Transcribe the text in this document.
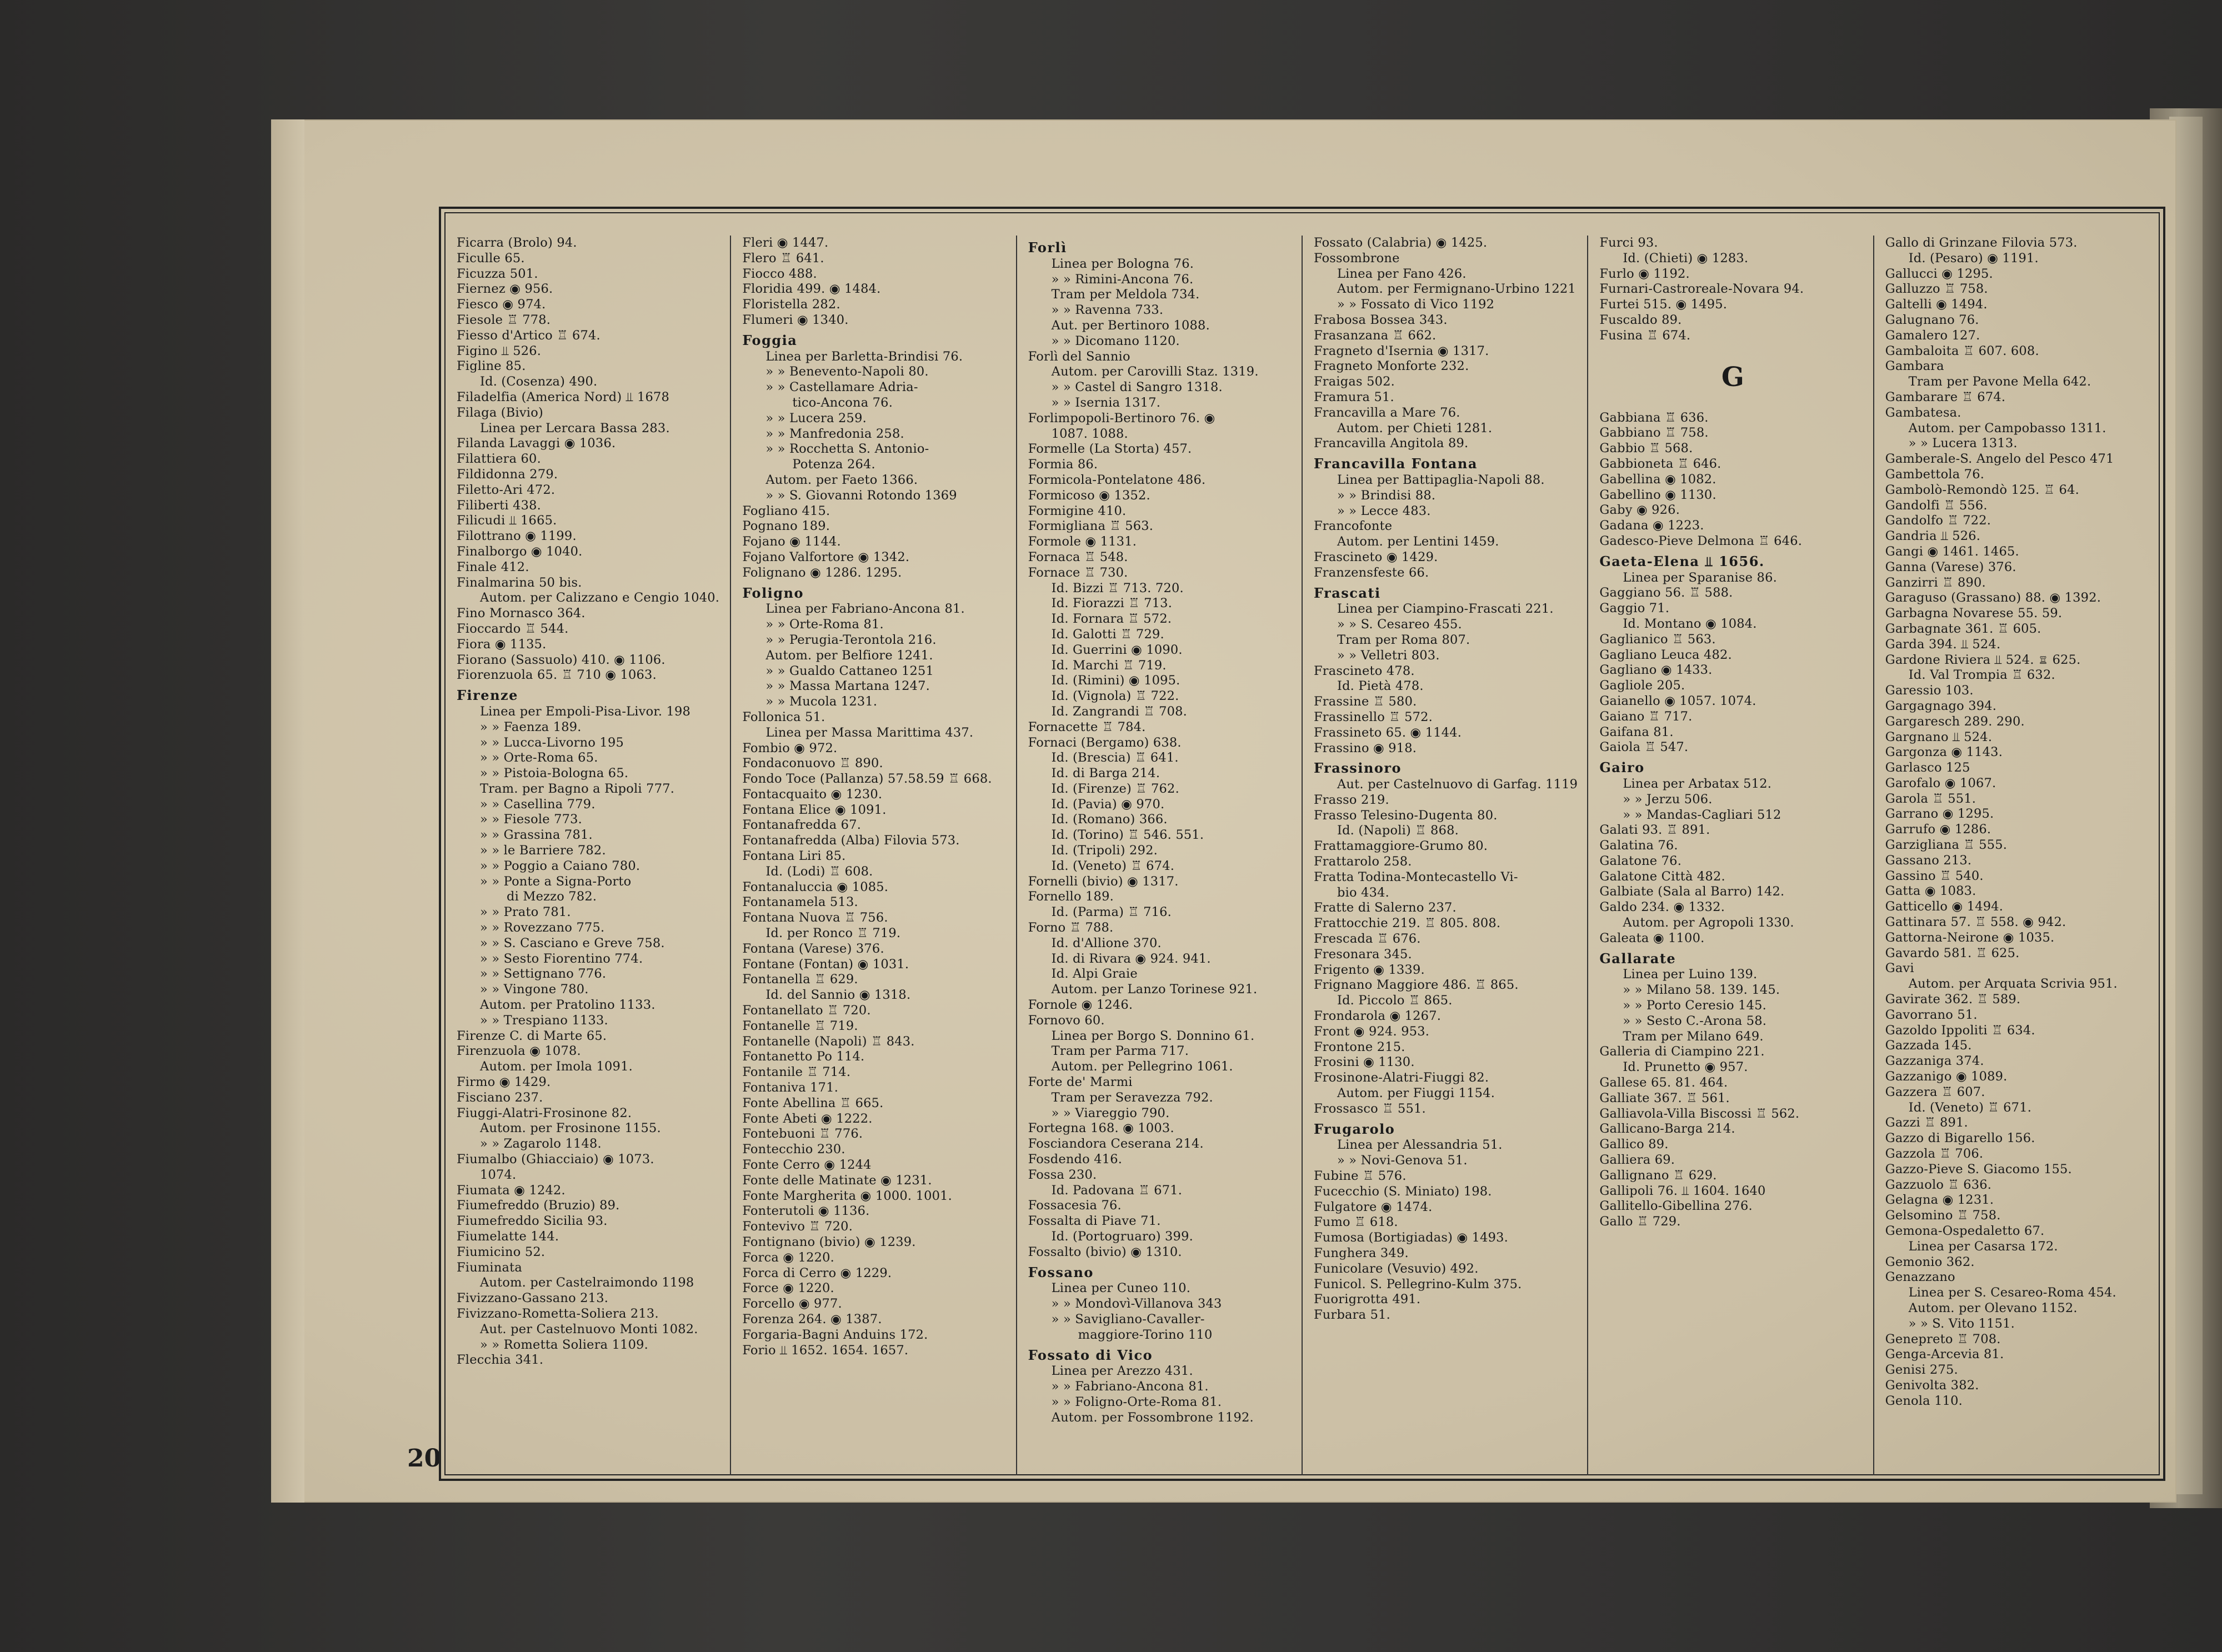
20
Ficarra (Brolo) 94.
Ficulle 65.
Ficuzza 501.
Fiernez ◉ 956.
Fiesco ◉ 974.
Fiesole ♖ 778.
Fiesso d'Artico ♖ 674.
Figino ⫫ 526.
Figline 85.
Id. (Cosenza) 490.
Filadelfia (America Nord) ⫫ 1678
Filaga (Bivio)
Linea per Lercara Bassa 283.
Filanda Lavaggi ◉ 1036.
Filattiera 60.
Fildidonna 279.
Filetto-Ari 472.
Filiberti 438.
Filicudi ⫫ 1665.
Filottrano ◉ 1199.
Finalborgo ◉ 1040.
Finale 412.
Finalmarina 50 bis.
Autom. per Calizzano e Cengio 1040.
Fino Mornasco 364.
Fioccardo ♖ 544.
Fiora ◉ 1135.
Fiorano (Sassuolo) 410. ◉ 1106.
Fiorenzuola 65. ♖ 710 ◉ 1063.
Firenze
Linea per Empoli-Pisa-Livor. 198
» » Faenza 189.
» » Lucca-Livorno 195
» » Orte-Roma 65.
» » Pistoia-Bologna 65.
Tram. per Bagno a Ripoli 777.
» » Casellina 779.
» » Fiesole 773.
» » Grassina 781.
» » le Barriere 782.
» » Poggio a Caiano 780.
» » Ponte a Signa-Porto
di Mezzo 782.
» » Prato 781.
» » Rovezzano 775.
» » S. Casciano e Greve 758.
» » Sesto Fiorentino 774.
» » Settignano 776.
» » Vingone 780.
Autom. per Pratolino 1133.
» » Trespiano 1133.
Firenze C. di Marte 65.
Firenzuola ◉ 1078.
Autom. per Imola 1091.
Firmo ◉ 1429.
Fisciano 237.
Fiuggi-Alatri-Frosinone 82.
Autom. per Frosinone 1155.
» » Zagarolo 1148.
Fiumalbo (Ghiacciaio) ◉ 1073.
1074.
Fiumata ◉ 1242.
Fiumefreddo (Bruzio) 89.
Fiumefreddo Sicilia 93.
Fiumelatte 144.
Fiumicino 52.
Fiuminata
Autom. per Castelraimondo 1198
Fivizzano-Gassano 213.
Fivizzano-Rometta-Soliera 213.
Aut. per Castelnuovo Monti 1082.
» » Rometta Soliera 1109.
Flecchia 341.
Fleri ◉ 1447.
Flero ♖ 641.
Fiocco 488.
Floridia 499. ◉ 1484.
Floristella 282.
Flumeri ◉ 1340.
Foggia
Linea per Barletta-Brindisi 76.
» » Benevento-Napoli 80.
» » Castellamare Adria-
tico-Ancona 76.
» » Lucera 259.
» » Manfredonia 258.
» » Rocchetta S. Antonio-
Potenza 264.
Autom. per Faeto 1366.
» » S. Giovanni Rotondo 1369
Fogliano 415.
Pognano 189.
Fojano ◉ 1144.
Fojano Valfortore ◉ 1342.
Folignano ◉ 1286. 1295.
Foligno
Linea per Fabriano-Ancona 81.
» » Orte-Roma 81.
» » Perugia-Terontola 216.
Autom. per Belfiore 1241.
» » Gualdo Cattaneo 1251
» » Massa Martana 1247.
» » Mucola 1231.
Follonica 51.
Linea per Massa Marittima 437.
Fombio ◉ 972.
Fondaconuovo ♖ 890.
Fondo Toce (Pallanza) 57.58.59 ♖ 668.
Fontacquaito ◉ 1230.
Fontana Elice ◉ 1091.
Fontanafredda 67.
Fontanafredda (Alba) Filovia 573.
Fontana Liri 85.
Id. (Lodi) ♖ 608.
Fontanaluccia ◉ 1085.
Fontanamela 513.
Fontana Nuova ♖ 756.
Id. per Ronco ♖ 719.
Fontana (Varese) 376.
Fontane (Fontan) ◉ 1031.
Fontanella ♖ 629.
Id. del Sannio ◉ 1318.
Fontanellato ♖ 720.
Fontanelle ♖ 719.
Fontanelle (Napoli) ♖ 843.
Fontanetto Po 114.
Fontanile ♖ 714.
Fontaniva 171.
Fonte Abellina ♖ 665.
Fonte Abeti ◉ 1222.
Fontebuoni ♖ 776.
Fontecchio 230.
Fonte Cerro ◉ 1244
Fonte delle Matinate ◉ 1231.
Fonte Margherita ◉ 1000. 1001.
Fonterutoli ◉ 1136.
Fontevivo ♖ 720.
Fontignano (bivio) ◉ 1239.
Forca ◉ 1220.
Forca di Cerro ◉ 1229.
Force ◉ 1220.
Forcello ◉ 977.
Forenza 264. ◉ 1387.
Forgaria-Bagni Anduins 172.
Forio ⫫ 1652. 1654. 1657.
Forlì
Linea per Bologna 76.
» » Rimini-Ancona 76.
Tram per Meldola 734.
» » Ravenna 733.
Aut. per Bertinoro 1088.
» » Dicomano 1120.
Forlì del Sannio
Autom. per Carovilli Staz. 1319.
» » Castel di Sangro 1318.
» » Isernia 1317.
Forlimpopoli-Bertinoro 76. ◉
1087. 1088.
Formelle (La Storta) 457.
Formia 86.
Formicola-Pontelatone 486.
Formicoso ◉ 1352.
Formigine 410.
Formigliana ♖ 563.
Formole ◉ 1131.
Fornaca ♖ 548.
Fornace ♖ 730.
Id. Bizzi ♖ 713. 720.
Id. Fiorazzi ♖ 713.
Id. Fornara ♖ 572.
Id. Galotti ♖ 729.
Id. Guerrini ◉ 1090.
Id. Marchi ♖ 719.
Id. (Rimini) ◉ 1095.
Id. (Vignola) ♖ 722.
Id. Zangrandi ♖ 708.
Fornacette ♖ 784.
Fornaci (Bergamo) 638.
Id. (Brescia) ♖ 641.
Id. di Barga 214.
Id. (Firenze) ♖ 762.
Id. (Pavia) ◉ 970.
Id. (Romano) 366.
Id. (Torino) ♖ 546. 551.
Id. (Tripoli) 292.
Id. (Veneto) ♖ 674.
Fornelli (bivio) ◉ 1317.
Fornello 189.
Id. (Parma) ♖ 716.
Forno ♖ 788.
Id. d'Allione 370.
Id. di Rivara ◉ 924. 941.
Id. Alpi Graie
Autom. per Lanzo Torinese 921.
Fornole ◉ 1246.
Fornovo 60.
Linea per Borgo S. Donnino 61.
Tram per Parma 717.
Autom. per Pellegrino 1061.
Forte de' Marmi
Tram per Seravezza 792.
» » Viareggio 790.
Fortegna 168. ◉ 1003.
Fosciandora Ceserana 214.
Fosdendo 416.
Fossa 230.
Id. Padovana ♖ 671.
Fossacesia 76.
Fossalta di Piave 71.
Id. (Portogruaro) 399.
Fossalto (bivio) ◉ 1310.
Fossano
Linea per Cuneo 110.
» » Mondovì-Villanova 343
» » Savigliano-Cavaller-
maggiore-Torino 110
Fossato di Vico
Linea per Arezzo 431.
» » Fabriano-Ancona 81.
» » Foligno-Orte-Roma 81.
Autom. per Fossombrone 1192.
Fossato (Calabria) ◉ 1425.
Fossombrone
Linea per Fano 426.
Autom. per Fermignano-Urbino 1221
» » Fossato di Vico 1192
Frabosa Bossea 343.
Frasanzana ♖ 662.
Fragneto d'Isernia ◉ 1317.
Fragneto Monforte 232.
Fraigas 502.
Framura 51.
Francavilla a Mare 76.
Autom. per Chieti 1281.
Francavilla Angitola 89.
Francavilla Fontana
Linea per Battipaglia-Napoli 88.
» » Brindisi 88.
» » Lecce 483.
Francofonte
Autom. per Lentini 1459.
Frascineto ◉ 1429.
Franzensfeste 66.
Frascati
Linea per Ciampino-Frascati 221.
» » S. Cesareo 455.
Tram per Roma 807.
» » Velletri 803.
Frascineto 478.
Id. Pietà 478.
Frassine ♖ 580.
Frassinello ♖ 572.
Frassineto 65. ◉ 1144.
Frassino ◉ 918.
Frassinoro
Aut. per Castelnuovo di Garfag. 1119
Frasso 219.
Frasso Telesino-Dugenta 80.
Id. (Napoli) ♖ 868.
Frattamaggiore-Grumo 80.
Frattarolo 258.
Fratta Todina-Montecastello Vi-
bio 434.
Fratte di Salerno 237.
Frattocchie 219. ♖ 805. 808.
Frescada ♖ 676.
Fresonara 345.
Frigento ◉ 1339.
Frignano Maggiore 486. ♖ 865.
Id. Piccolo ♖ 865.
Frondarola ◉ 1267.
Front ◉ 924. 953.
Frontone 215.
Frosini ◉ 1130.
Frosinone-Alatri-Fiuggi 82.
Autom. per Fiuggi 1154.
Frossasco ♖ 551.
Frugarolo
Linea per Alessandria 51.
» » Novi-Genova 51.
Fubine ♖ 576.
Fucecchio (S. Miniato) 198.
Fulgatore ◉ 1474.
Fumo ♖ 618.
Fumosa (Bortigiadas) ◉ 1493.
Funghera 349.
Funicolare (Vesuvio) 492.
Funicol. S. Pellegrino-Kulm 375.
Fuorigrotta 491.
Furbara 51.
Furci 93.
Id. (Chieti) ◉ 1283.
Furlo ◉ 1192.
Furnari-Castroreale-Novara 94.
Furtei 515. ◉ 1495.
Fuscaldo 89.
Fusina ♖ 674.
G
Gabbiana ♖ 636.
Gabbiano ♖ 758.
Gabbio ♖ 568.
Gabbioneta ♖ 646.
Gabellina ◉ 1082.
Gabellino ◉ 1130.
Gaby ◉ 926.
Gadana ◉ 1223.
Gadesco-Pieve Delmona ♖ 646.
Gaeta-Elena ⫫ 1656.
Linea per Sparanise 86.
Gaggiano 56. ♖ 588.
Gaggio 71.
Id. Montano ◉ 1084.
Gaglianico ♖ 563.
Gagliano Leuca 482.
Gagliano ◉ 1433.
Gagliole 205.
Gaianello ◉ 1057. 1074.
Gaiano ♖ 717.
Gaifana 81.
Gaiola ♖ 547.
Gairo
Linea per Arbatax 512.
» » Jerzu 506.
» » Mandas-Cagliari 512
Galati 93. ♖ 891.
Galatina 76.
Galatone 76.
Galatone Città 482.
Galbiate (Sala al Barro) 142.
Galdo 234. ◉ 1332.
Autom. per Agropoli 1330.
Galeata ◉ 1100.
Gallarate
Linea per Luino 139.
» » Milano 58. 139. 145.
» » Porto Ceresio 145.
» » Sesto C.-Arona 58.
Tram per Milano 649.
Galleria di Ciampino 221.
Id. Prunetto ◉ 957.
Gallese 65. 81. 464.
Galliate 367. ♖ 561.
Galliavola-Villa Biscossi ♖ 562.
Gallicano-Barga 214.
Gallico 89.
Galliera 69.
Gallignano ♖ 629.
Gallipoli 76. ⫫ 1604. 1640
Gallitello-Gibellina 276.
Gallo ♖ 729.
Gallo di Grinzane Filovia 573.
Id. (Pesaro) ◉ 1191.
Gallucci ◉ 1295.
Galluzzo ♖ 758.
Galtelli ◉ 1494.
Galugnano 76.
Gamalero 127.
Gambaloita ♖ 607. 608.
Gambara
Tram per Pavone Mella 642.
Gambarare ♖ 674.
Gambatesa.
Autom. per Campobasso 1311.
» » Lucera 1313.
Gamberale-S. Angelo del Pesco 471
Gambettola 76.
Gambolò-Remondò 125. ♖ 64.
Gandolfi ♖ 556.
Gandolfo ♖ 722.
Gandria ⫫ 526.
Gangi ◉ 1461. 1465.
Ganna (Varese) 376.
Ganzirri ♖ 890.
Garaguso (Grassano) 88. ◉ 1392.
Garbagna Novarese 55. 59.
Garbagnate 361. ♖ 605.
Garda 394. ⫫ 524.
Gardone Riviera ⫫ 524. ♖ 625.
Id. Val Trompia ♖ 632.
Garessio 103.
Gargagnago 394.
Gargaresch 289. 290.
Gargnano ⫫ 524.
Gargonza ◉ 1143.
Garlasco 125
Garofalo ◉ 1067.
Garola ♖ 551.
Garrano ◉ 1295.
Garrufo ◉ 1286.
Garzigliana ♖ 555.
Gassano 213.
Gassino ♖ 540.
Gatta ◉ 1083.
Gatticello ◉ 1494.
Gattinara 57. ♖ 558. ◉ 942.
Gattorna-Neirone ◉ 1035.
Gavardo 581. ♖ 625.
Gavi
Autom. per Arquata Scrivia 951.
Gavirate 362. ♖ 589.
Gavorrano 51.
Gazoldo Ippoliti ♖ 634.
Gazzada 145.
Gazzaniga 374.
Gazzanigo ◉ 1089.
Gazzera ♖ 607.
Id. (Veneto) ♖ 671.
Gazzi ♖ 891.
Gazzo di Bigarello 156.
Gazzola ♖ 706.
Gazzo-Pieve S. Giacomo 155.
Gazzuolo ♖ 636.
Gelagna ◉ 1231.
Gelsomino ♖ 758.
Gemona-Ospedaletto 67.
Linea per Casarsa 172.
Gemonio 362.
Genazzano
Linea per S. Cesareo-Roma 454.
Autom. per Olevano 1152.
» » S. Vito 1151.
Genepreto ♖ 708.
Genga-Arcevia 81.
Genisi 275.
Genivolta 382.
Genola 110.
